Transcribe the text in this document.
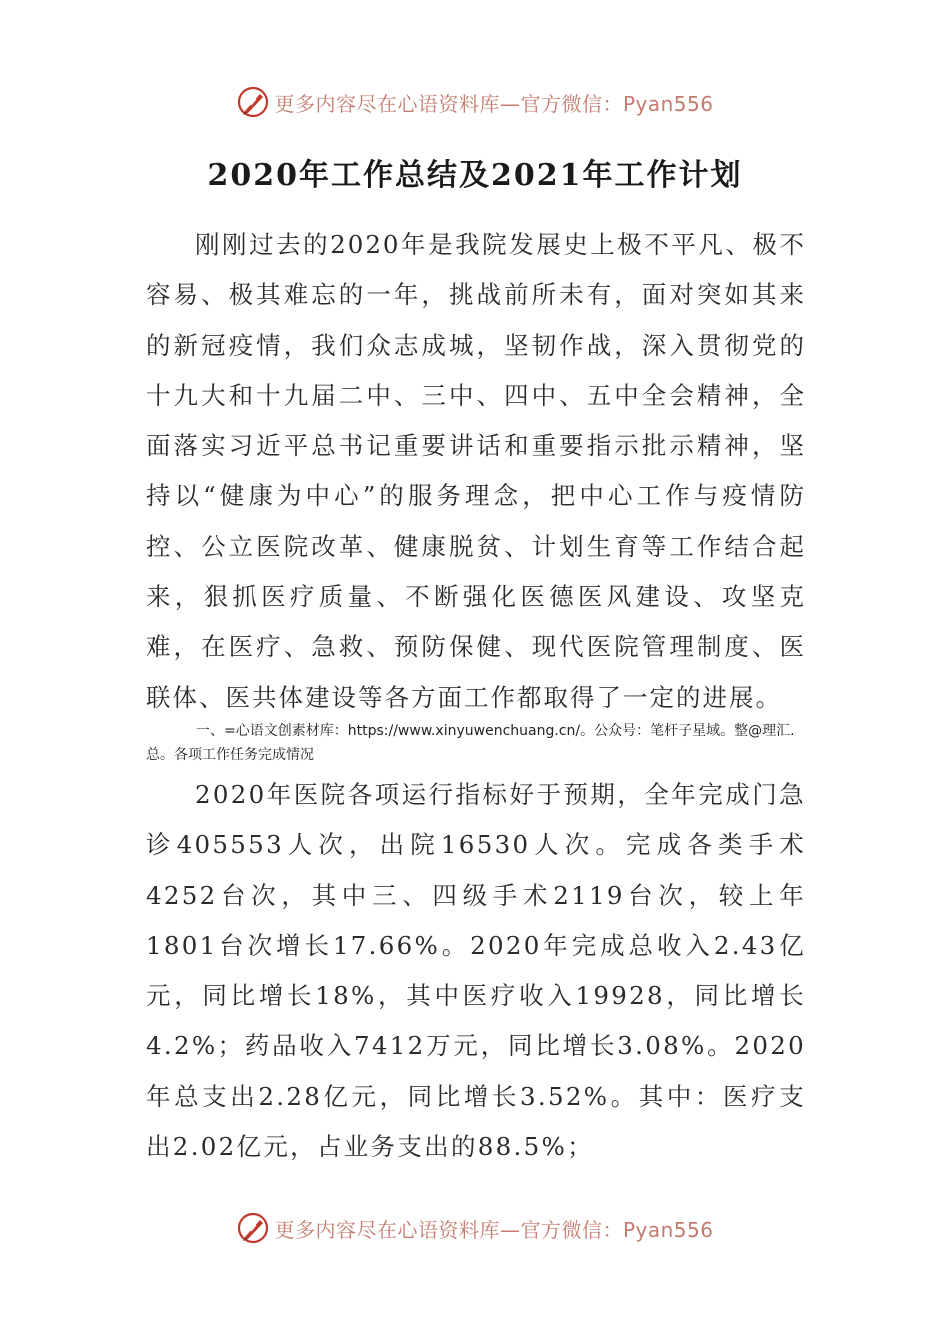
更多内容尽在心语资料库—官方微信：Pyan556
2020年工作总结及2021年工作计划

刚刚过去的2020年是我院发展史上极不平凡、极不容易、极其难忘的一年，挑战前所未有，面对突如其来的新冠疫情，我们众志成城，坚韧作战，深入贯彻党的十九大和十九届二中、三中、四中、五中全会精神，全面落实习近平总书记重要讲话和重要指示批示精神，坚持以“健康为中心”的服务理念，把中心工作与疫情防控、公立医院改革、健康脱贫、计划生育等工作结合起来，狠抓医疗质量、不断强化医德医风建设、攻坚克难，在医疗、急救、预防保健、现代医院管理制度、医联体、医共体建设等各方面工作都取得了一定的进展。

一、=心语文创素材库：https://www.xinyuwenchuang.cn/。公众号：笔杆子星域。整@理汇.总。各项工作任务完成情况

2020年医院各项运行指标好于预期，全年完成门急诊405553人次，出院16530人次。完成各类手术4252台次，其中三、四级手术2119台次，较上年1801台次增长17.66%。2020年完成总收入2.43亿元，同比增长18%，其中医疗收入19928，同比增长4.2%；药品收入7412万元，同比增长3.08%。2020年总支出2.28亿元，同比增长3.52%。其中：医疗支出2.02亿元，占业务支出的88.5%；

更多内容尽在心语资料库—官方微信：Pyan556
